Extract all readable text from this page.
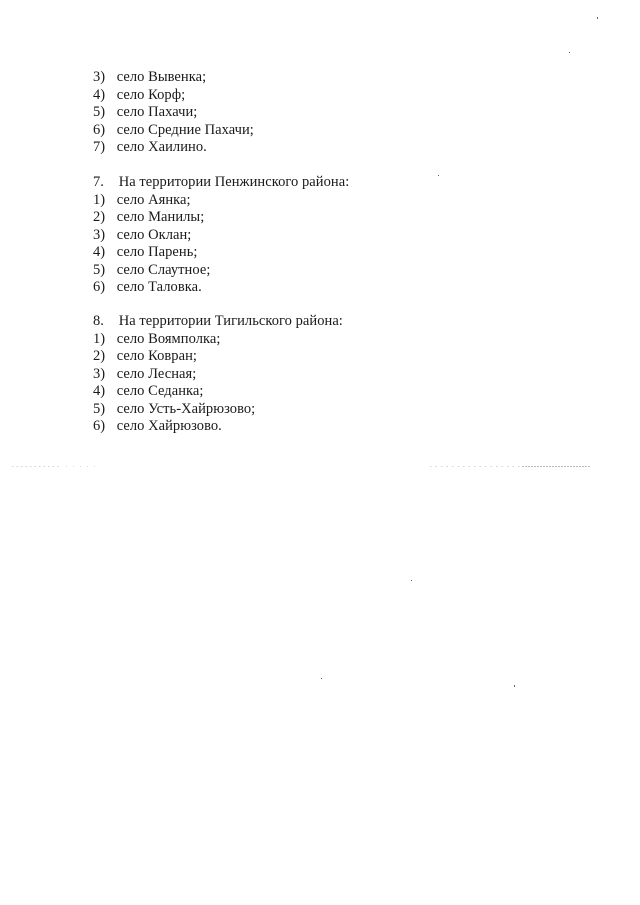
3) село Вывенка;
4) село Корф;
5) село Пахачи;
6) село Средние Пахачи;
7) село Хаилино.
7. На территории Пенжинского района:
1) село Аянка;
2) село Манилы;
3) село Оклан;
4) село Парень;
5) село Слаутное;
6) село Таловка.
8. На территории Тигильского района:
1) село Воямполка;
2) село Ковран;
3) село Лесная;
4) село Седанка;
5) село Усть-Хайрюзово;
6) село Хайрюзово.
